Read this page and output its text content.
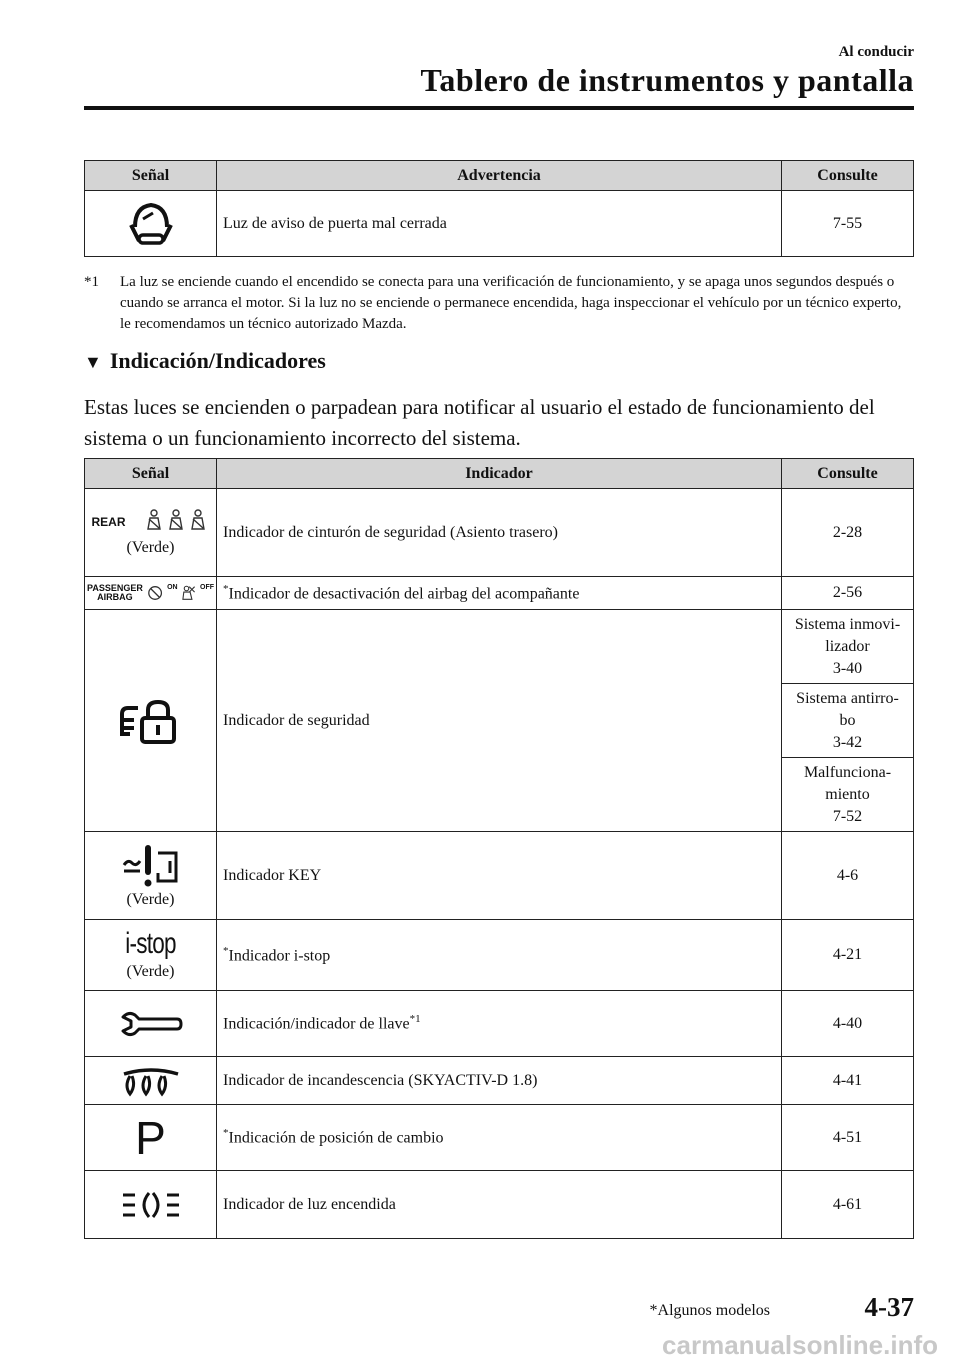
Al conducir
Tablero de instrumentos y pantalla
Señal	Advertencia	Consulte
	Luz de aviso de puerta mal cerrada	7-55
*1 La luz se enciende cuando el encendido se conecta para una verificación de funcionamiento, y se apaga unos segundos después o cuando se arranca el motor. Si la luz no se enciende o permanece encendida, haga inspeccionar el vehículo por un técnico experto, le recomendamos un técnico autorizado Mazda.
▼ Indicación/Indicadores
Estas luces se encienden o parpadean para notificar al usuario el estado de funcionamiento del sistema o un funcionamiento incorrecto del sistema.
Señal	Indicador	Consulte

REAR
(Verde)	Indicador de cinturón de seguridad (Asiento trasero)	2-28

PASSENGER
AIRBAG
ON OFF	*Indicador de desactivación del airbag del acompañante	2-56
	Indicador de seguridad	Sistema inmovi-
lizador
3-40

		Sistema antirro-
bo
3-42

		Malfunciona-
miento
7-52

(Verde)	Indicador KEY	4-6

i-stop
(Verde)	*Indicador i-stop	4-21
	Indicación/indicador de llave$^{*1}$	4-40
	Indicador de incandescencia (SKYACTIV-D 1.8)	4-41
P	*Indicación de posición de cambio	4-51
	Indicador de luz encendida	4-61
*Algunos modelos	4-37
carmanualsonline.info
